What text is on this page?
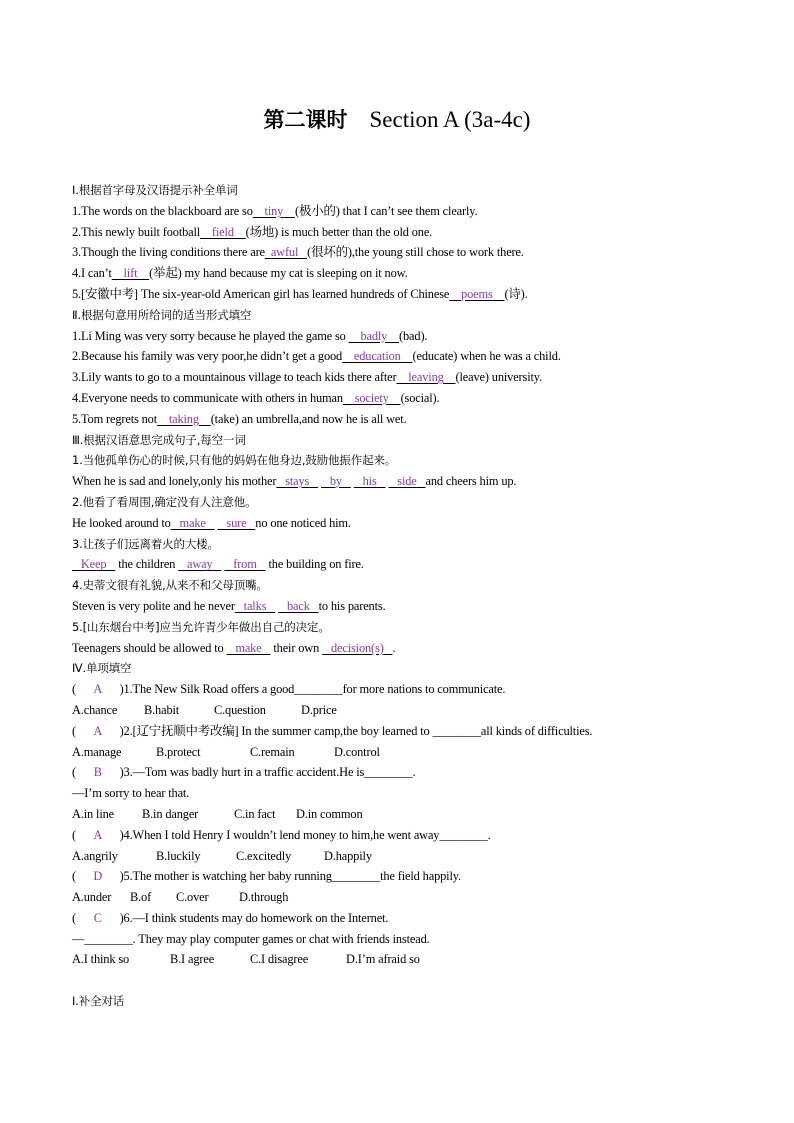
第二课时 Section A (3a-4c)
Ⅰ.根据首字母及汉语提示补全单词
1.The words on the blackboard are so tiny (极小的) that I can’t see them clearly.
2.This newly built football field (场地) is much better than the old one.
3.Though the living conditions there are awful (很坏的),the young still chose to work there.
4.I can’t lift (举起) my hand because my cat is sleeping on it now.
5.[安徽中考] The six-year-old American girl has learned hundreds of Chinese poems (诗).
Ⅱ.根据句意用所给词的适当形式填空
1.Li Ming was very sorry because he played the game so     badly (bad).
2.Because his family was very poor,he didn’t get a good education (educate) when he was a child.
3.Lily wants to go to a mountainous village to teach kids there after leaving (leave) university.
4.Everyone needs to communicate with others in human society (social).
5.Tom regrets not taking (take) an umbrella,and now he is all wet.
Ⅲ.根据汉语意思完成句子,每空一词
1.当他孤单伤心的时候,只有他的妈妈在他身边,鼓励他振作起来。
When he is sad and lonely,only his mother stays by his side and cheers him up.
2.他看了看周围,确定没有人注意他。
He looked around to make sure no one noticed him.
3.让孩子们远离着火的大楼。
Keep the children away from the building on fire.
4.史蒂文很有礼貌,从来不和父母顶嘴。
Steven is very polite and he never talks back to his parents.
5.[山东烟台中考]应当允许青少年做出自己的决定。
Teenagers should be allowed to    make their own decision(s) .
Ⅳ.单项填空
(    A )1.The New Silk Road offers a good________for more nations to communicate.
A.chance B.habit	C.question	D.price
(    A )2.[辽宁抚顺中考改编] In the summer camp,the boy learned to ________all kinds of difficulties.
A.manage	B.protect	C.remain	D.control
(    B )3.—Tom was badly hurt in a traffic accident.He is________.
—I’m sorry to hear that.
A.in line B.in danger	C.in fact D.in common
(    A )4.When I told Henry I wouldn’t lend money to him,he went away________.
A.angrily	B.luckily	C.excitedly	D.happily
(    D )5.The mother is watching her baby running________the field happily.
A.under B.of C.over D.through
(    C )6.—I think students may do homework on the Internet.
—________. They may play computer games or chat with friends instead.
A.I think so	B.I agree	C.I disagree	D.I’m afraid so
Ⅰ.补全对话
